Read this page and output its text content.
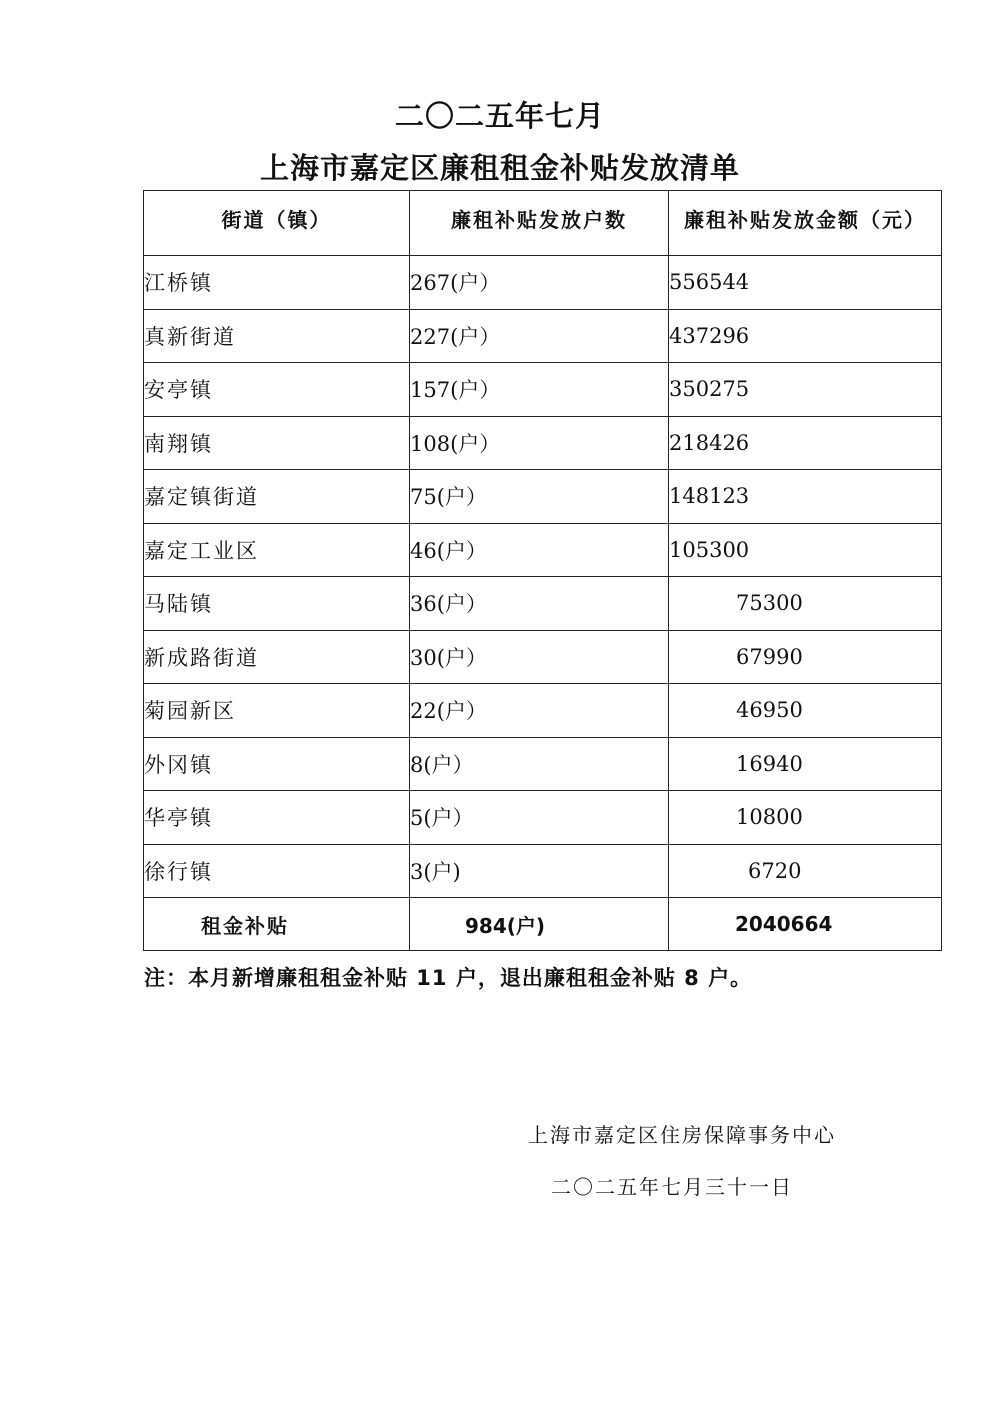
二〇二五年七月
上海市嘉定区廉租租金补贴发放清单
街道（镇）	廉租补贴发放户数	廉租补贴发放金额（元）
江桥镇	267(户）	556544
真新街道	227(户）	437296
安亭镇	157(户）	350275
南翔镇	108(户）	218426
嘉定镇街道	75(户）	148123
嘉定工业区	46(户）	105300
马陆镇	36(户）	75300
新成路街道	30(户）	67990
菊园新区	22(户）	46950
外冈镇	8(户）	16940
华亭镇	5(户）	10800
徐行镇	3(户)	6720
租金补贴	984(户)	2040664
注：本月新增廉租租金补贴 11 户，退出廉租租金补贴 8 户。
上海市嘉定区住房保障事务中心
二〇二五年七月三十一日
